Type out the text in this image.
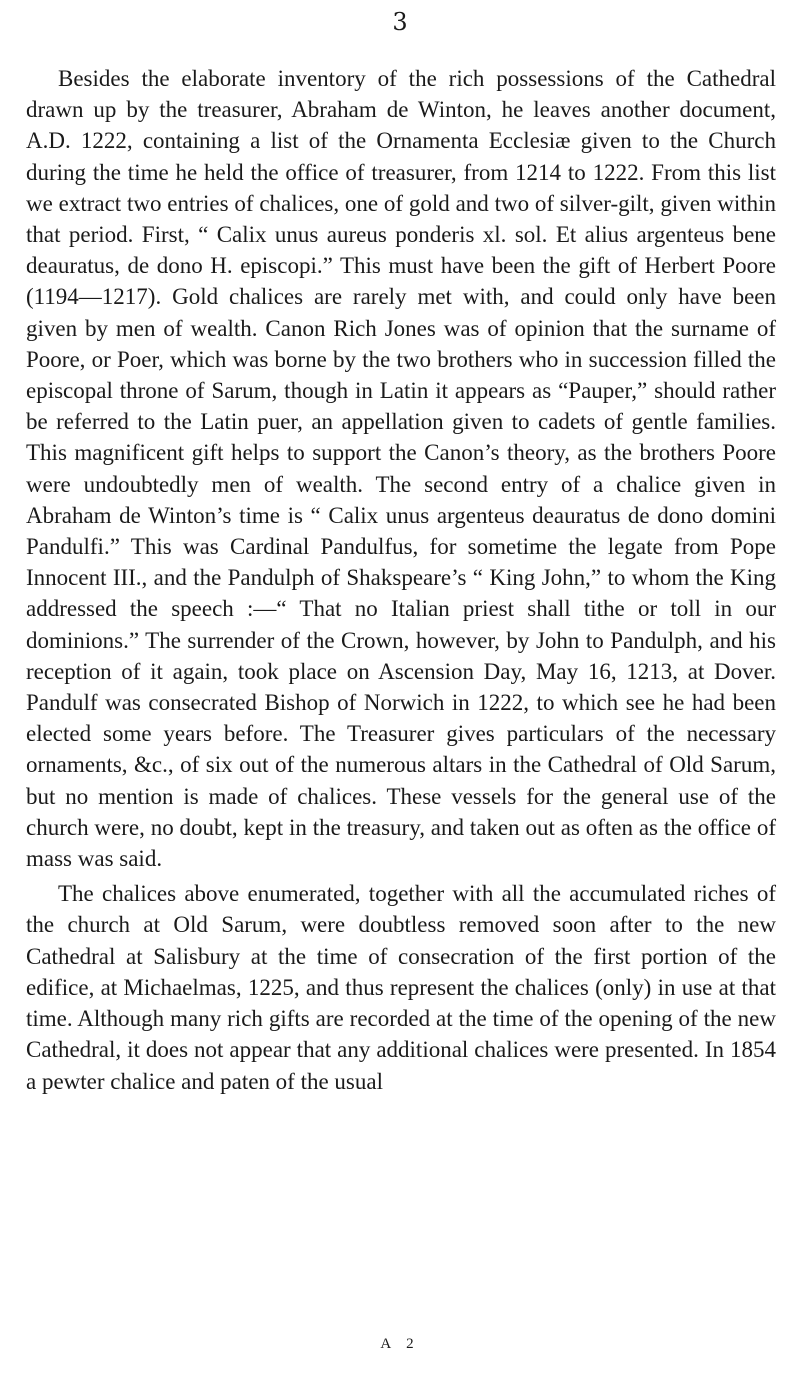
3

Besides the elaborate inventory of the rich possessions of the Cathedral drawn up by the treasurer, Abraham de Winton, he leaves another document, A.D. 1222, containing a list of the Ornamenta Ecclesiæ given to the Church during the time he held the office of treasurer, from 1214 to 1222. From this list we extract two entries of chalices, one of gold and two of silver-gilt, given within that period. First, “ Calix unus aureus ponderis xl. sol. Et alius argenteus bene deauratus, de dono H. episcopi.” This must have been the gift of Herbert Poore (1194—1217). Gold chalices are rarely met with, and could only have been given by men of wealth. Canon Rich Jones was of opinion that the surname of Poore, or Poer, which was borne by the two brothers who in succession filled the episcopal throne of Sarum, though in Latin it appears as “Pauper,” should rather be referred to the Latin puer, an appellation given to cadets of gentle families. This magnificent gift helps to support the Canon’s theory, as the brothers Poore were undoubtedly men of wealth. The second entry of a chalice given in Abraham de Winton’s time is “ Calix unus argenteus deauratus de dono domini Pandulfi.” This was Cardinal Pandulfus, for sometime the legate from Pope Innocent III., and the Pandulph of Shakspeare’s “ King John,” to whom the King addressed the speech :—“ That no Italian priest shall tithe or toll in our dominions.” The surrender of the Crown, however, by John to Pandulph, and his reception of it again, took place on Ascension Day, May 16, 1213, at Dover. Pandulf was consecrated Bishop of Norwich in 1222, to which see he had been elected some years before. The Treasurer gives particulars of the necessary ornaments, &c., of six out of the numerous altars in the Cathedral of Old Sarum, but no mention is made of chalices. These vessels for the general use of the church were, no doubt, kept in the treasury, and taken out as often as the office of mass was said.

The chalices above enumerated, together with all the accumulated riches of the church at Old Sarum, were doubtless removed soon after to the new Cathedral at Salisbury at the time of consecration of the first portion of the edifice, at Michaelmas, 1225, and thus represent the chalices (only) in use at that time. Although many rich gifts are recorded at the time of the opening of the new Cathedral, it does not appear that any additional chalices were presented. In 1854 a pewter chalice and paten of the usual

A 2
